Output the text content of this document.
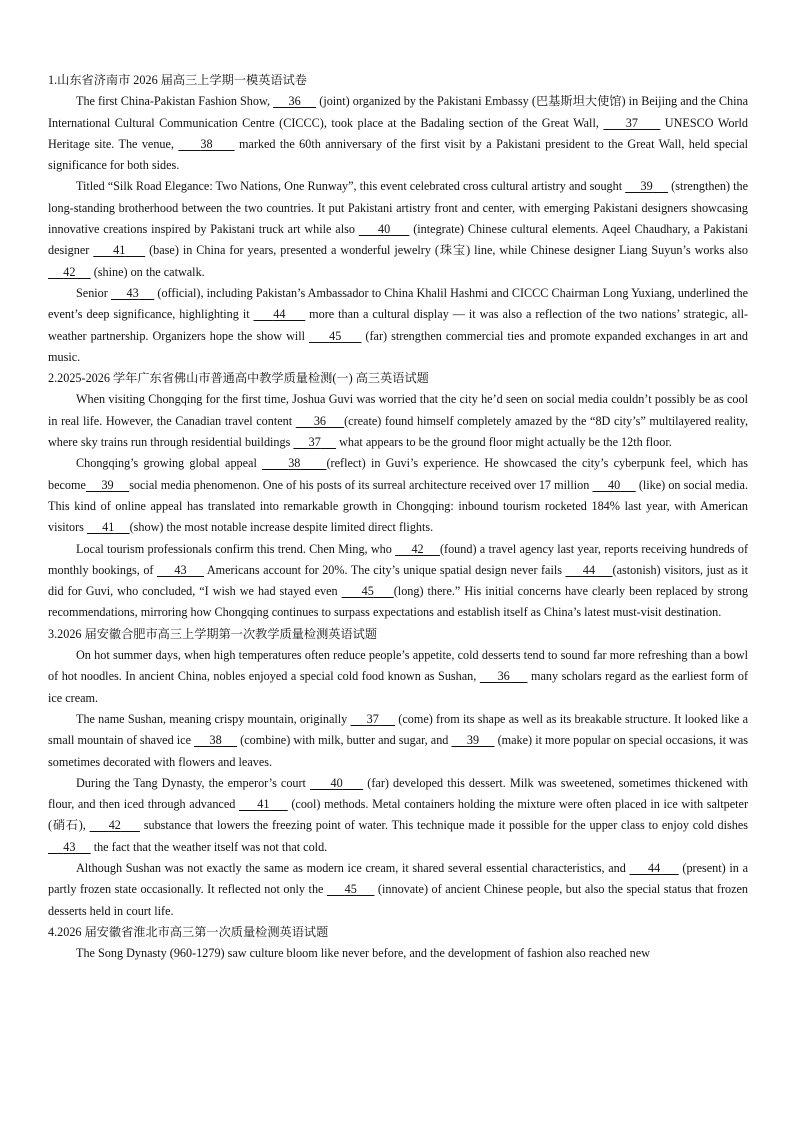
1.山东省济南市 2026 届高三上学期一模英语试卷

The first China-Pakistan Fashion Show,      36      (joint) organized by the Pakistani Embassy (巴基斯坦大使馆) in Beijing and the China International Cultural Communication Centre (CICCC), took place at the Badaling section of the Great Wall,      37      UNESCO World Heritage site. The venue,      38      marked the 60th anniversary of the first visit by a Pakistani president to the Great Wall, held special significance for both sides.

Titled “Silk Road Elegance: Two Nations, One Runway”, this event celebrated cross cultural artistry and sought      39      (strengthen) the long-standing brotherhood between the two countries. It put Pakistani artistry front and center, with emerging Pakistani designers showcasing innovative creations inspired by Pakistani truck art while also      40      (integrate) Chinese cultural elements. Aqeel Chaudhary, a Pakistani designer      41      (base) in China for years, presented a wonderful jewelry (珠宝) line, while Chinese designer Liang Suyun’s works also      42      (shine) on the catwalk.

Senior      43      (official), including Pakistan’s Ambassador to China Khalil Hashmi and CICCC Chairman Long Yuxiang, underlined the event’s deep significance, highlighting it      44      more than a cultural display — it was also a reflection of the two nations’ strategic, all-weather partnership. Organizers hope the show will      45      (far) strengthen commercial ties and promote expanded exchanges in art and music.

2.2025-2026 学年广东省佛山市普通高中教学质量检测(一) 高三英语试题

When visiting Chongqing for the first time, Joshua Guvi was worried that the city he’d seen on social media couldn’t possibly be as cool in real life. However, the Canadian travel content      36 (create) found himself completely amazed by the “8D city’s” multilayered reality, where sky trains run through residential buildings      37      what appears to be the ground floor might actually be the 12th floor.

Chongqing’s growing global appeal      38 (reflect) in Guvi’s experience. He showcased the city’s cyberpunk feel, which has become 39 social media phenomenon. One of his posts of its surreal architecture received over 17 million      40      (like) on social media. This kind of online appeal has translated into remarkable growth in Chongqing: inbound tourism rocketed 184% last year, with American visitors      41 (show) the most notable increase despite limited direct flights.

Local tourism professionals confirm this trend. Chen Ming, who      42 (found) a travel agency last year, reports receiving hundreds of monthly bookings, of      43      Americans account for 20%. The city’s unique spatial design never fails      44 (astonish) visitors, just as it did for Guvi, who concluded, “I wish we had stayed even      45 (long) there.” His initial concerns have clearly been replaced by strong recommendations, mirroring how Chongqing continues to surpass expectations and establish itself as China’s latest must-visit destination.

3.2026 届安徽合肥市高三上学期第一次教学质量检测英语试题

On hot summer days, when high temperatures often reduce people’s appetite, cold desserts tend to sound far more refreshing than a bowl of hot noodles. In ancient China, nobles enjoyed a special cold food known as Sushan,      36      many scholars regard as the earliest form of ice cream.

The name Sushan, meaning crispy mountain, originally      37      (come) from its shape as well as its breakable structure. It looked like a small mountain of shaved ice      38      (combine) with milk, butter and sugar, and      39      (make) it more popular on special occasions, it was sometimes decorated with flowers and leaves.

During the Tang Dynasty, the emperor’s court      40      (far) developed this dessert. Milk was sweetened, sometimes thickened with flour, and then iced through advanced      41      (cool) methods. Metal containers holding the mixture were often placed in ice with saltpeter (硝石),      42      substance that lowers the freezing point of water. This technique made it possible for the upper class to enjoy cold dishes      43      the fact that the weather itself was not that cold.

Although Sushan was not exactly the same as modern ice cream, it shared several essential characteristics, and      44      (present) in a partly frozen state occasionally. It reflected not only the      45      (innovate) of ancient Chinese people, but also the special status that frozen desserts held in court life.

4.2026 届安徽省淮北市高三第一次质量检测英语试题

The Song Dynasty (960-1279) saw culture bloom like never before, and the development of fashion also reached new
